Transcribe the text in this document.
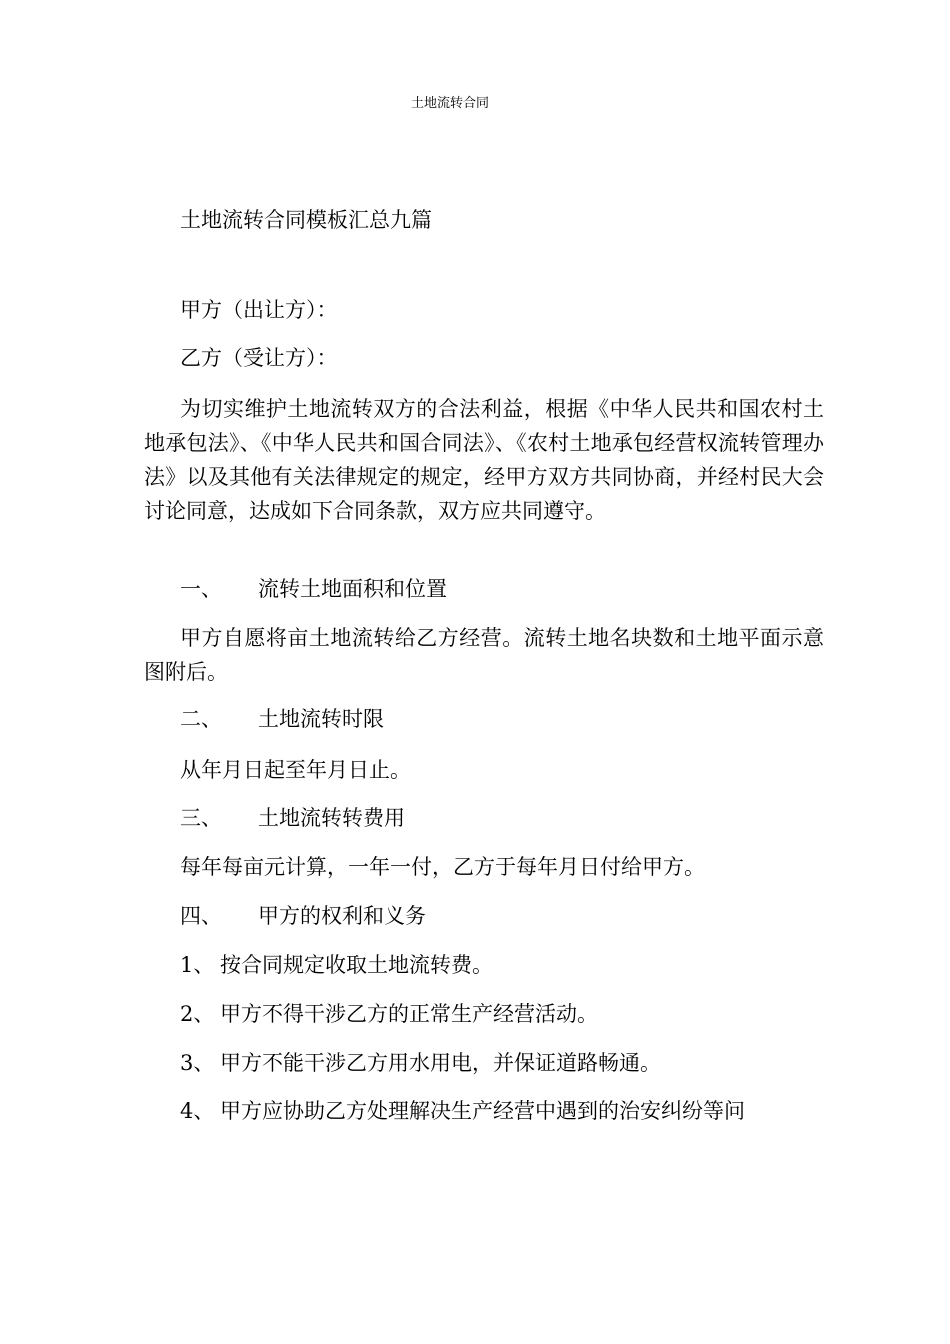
土地流转合同
土地流转合同模板汇总九篇
甲方（出让方）：
乙方（受让方）：
为切实维护土地流转双方的合法利益，根据《中华人民共和国农村土地承包法》、《中华人民共和国合同法》、《农村土地承包经营权流转管理办法》以及其他有关法律规定的规定，经甲方双方共同协商，并经村民大会讨论同意，达成如下合同条款，双方应共同遵守。
一、 流转土地面积和位置
甲方自愿将亩土地流转给乙方经营。流转土地名块数和土地平面示意图附后。
二、 土地流转时限
从年月日起至年月日止。
三、 土地流转转费用
每年每亩元计算，一年一付，乙方于每年月日付给甲方。
四、 甲方的权利和义务
1、 按合同规定收取土地流转费。
2、 甲方不得干涉乙方的正常生产经营活动。
3、 甲方不能干涉乙方用水用电，并保证道路畅通。
4、 甲方应协助乙方处理解决生产经营中遇到的治安纠纷等问
